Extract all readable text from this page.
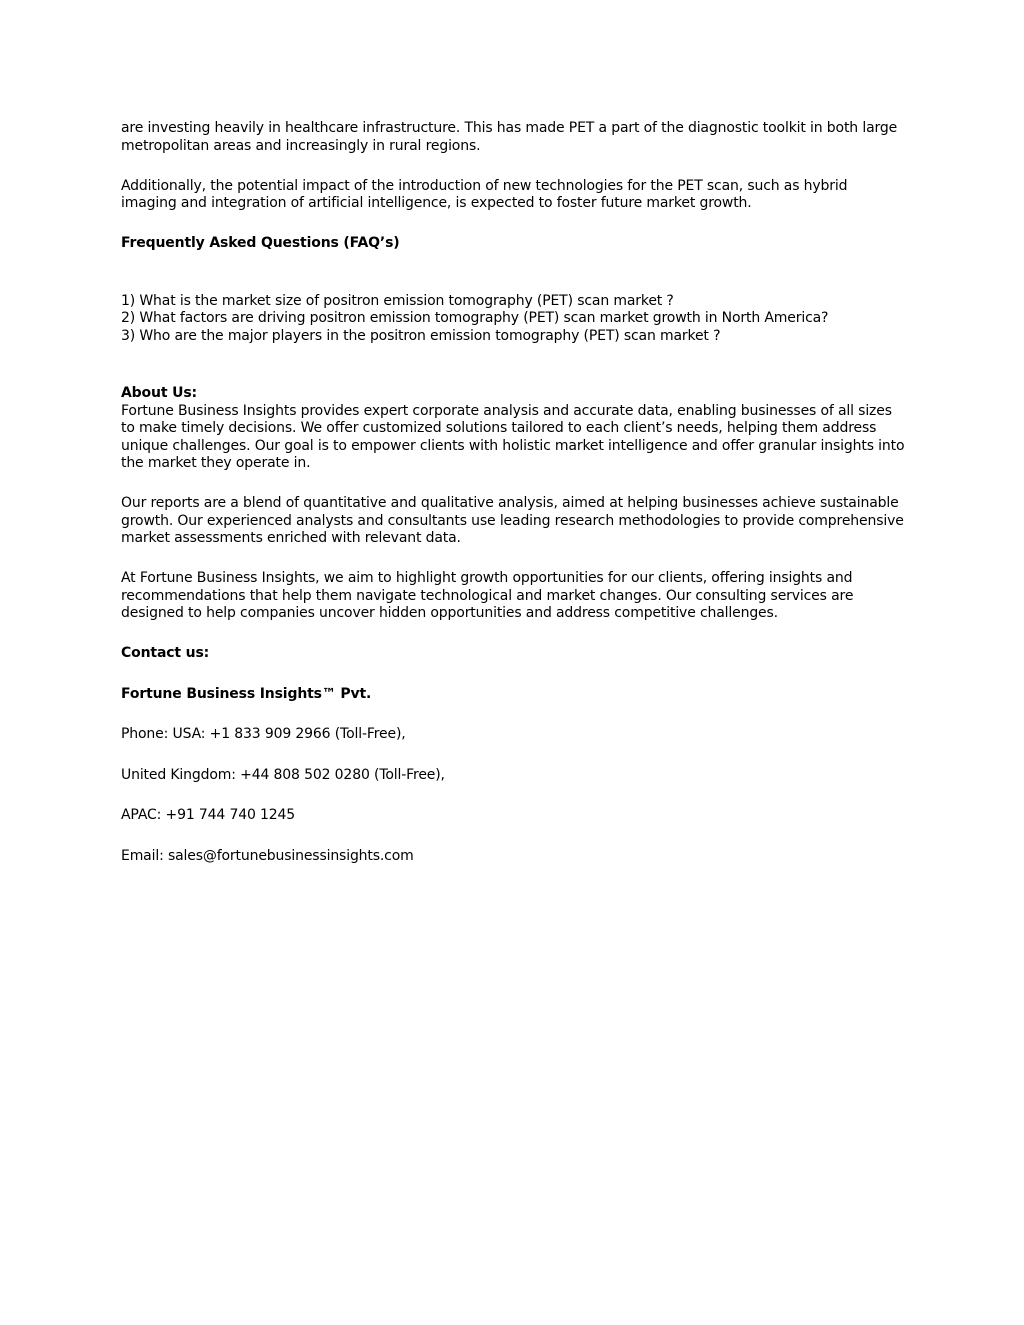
are investing heavily in healthcare infrastructure. This has made PET a part of the diagnostic toolkit in both large metropolitan areas and increasingly in rural regions.

Additionally, the potential impact of the introduction of new technologies for the PET scan, such as hybrid imaging and integration of artificial intelligence, is expected to foster future market growth.

Frequently Asked Questions (FAQ’s)

1) What is the market size of positron emission tomography (PET) scan market ?

2) What factors are driving positron emission tomography (PET) scan market growth in North America?

3) Who are the major players in the positron emission tomography (PET) scan market ?

About Us:

Fortune Business Insights provides expert corporate analysis and accurate data, enabling businesses of all sizes to make timely decisions. We offer customized solutions tailored to each client’s needs, helping them address unique challenges. Our goal is to empower clients with holistic market intelligence and offer granular insights into the market they operate in.

Our reports are a blend of quantitative and qualitative analysis, aimed at helping businesses achieve sustainable growth. Our experienced analysts and consultants use leading research methodologies to provide comprehensive market assessments enriched with relevant data.

At Fortune Business Insights, we aim to highlight growth opportunities for our clients, offering insights and recommendations that help them navigate technological and market changes. Our consulting services are designed to help companies uncover hidden opportunities and address competitive challenges.

Contact us:

Fortune Business Insights™ Pvt.

Phone: USA: +1 833 909 2966 (Toll-Free),

United Kingdom: +44 808 502 0280 (Toll-Free),

APAC: +91 744 740 1245

Email: sales@fortunebusinessinsights.com
